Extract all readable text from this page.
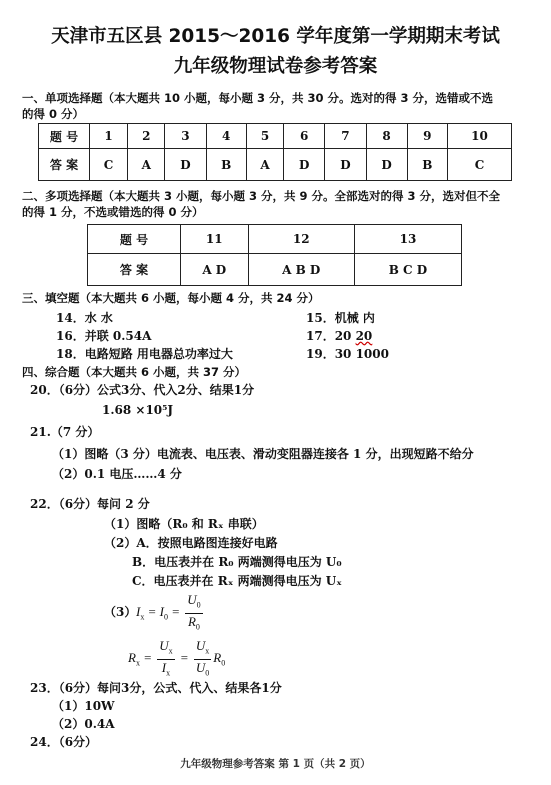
天津市五区县 2015～2016 学年度第一学期期末考试
九年级物理试卷参考答案
一、单项选择题（本大题共 10 小题，每小题 3 分，共 30 分。选对的得 3 分，选错或不选
的得 0 分）
题 号	1	2	3	4	5	6	7	8	9	10
答 案	C	A	D	B	A	D	D	D	B	C
二、多项选择题（本大题共 3 小题，每小题 3 分，共 9 分。全部选对的得 3 分，选对但不全
的得 1 分，不选或错选的得 0 分）
题 号	11	12	13
答 案	A D	A B D	B C D
三、填空题（本大题共 6 小题，每小题 4 分，共 24 分）
14．水 水	15．机械 内
16．并联 0.54A	17．20 20
18．电路短路 用电器总功率过大	19．30 1000
四、综合题（本大题共 6 小题，共 37 分）
20．（6分）公式3分、代入2分、结果1分
1.68 ×10⁵J
21.（7 分）
（1）图略（3 分）电流表、电压表、滑动变阻器连接各 1 分，出现短路不给分
（2）0.1 电压……4 分
22．（6分）每问 2 分
（1）图略（R₀ 和 Rₓ 串联）
（2）A．按照电路图连接好电路
B．电压表并在 R₀ 两端测得电压为 U₀
C．电压表并在 Rₓ 两端测得电压为 Uₓ
（3） $I_x = I_0 = \frac{U_0}{R_0}$
$R_x = \frac{U_x}{I_x} = \frac{U_x}{U_0} R_0$
23．（6分）每问3分，公式、代入、结果各1分
（1）10W
（2）0.4A
24．（6分）
九年级物理参考答案 第 1 页（共 2 页）
